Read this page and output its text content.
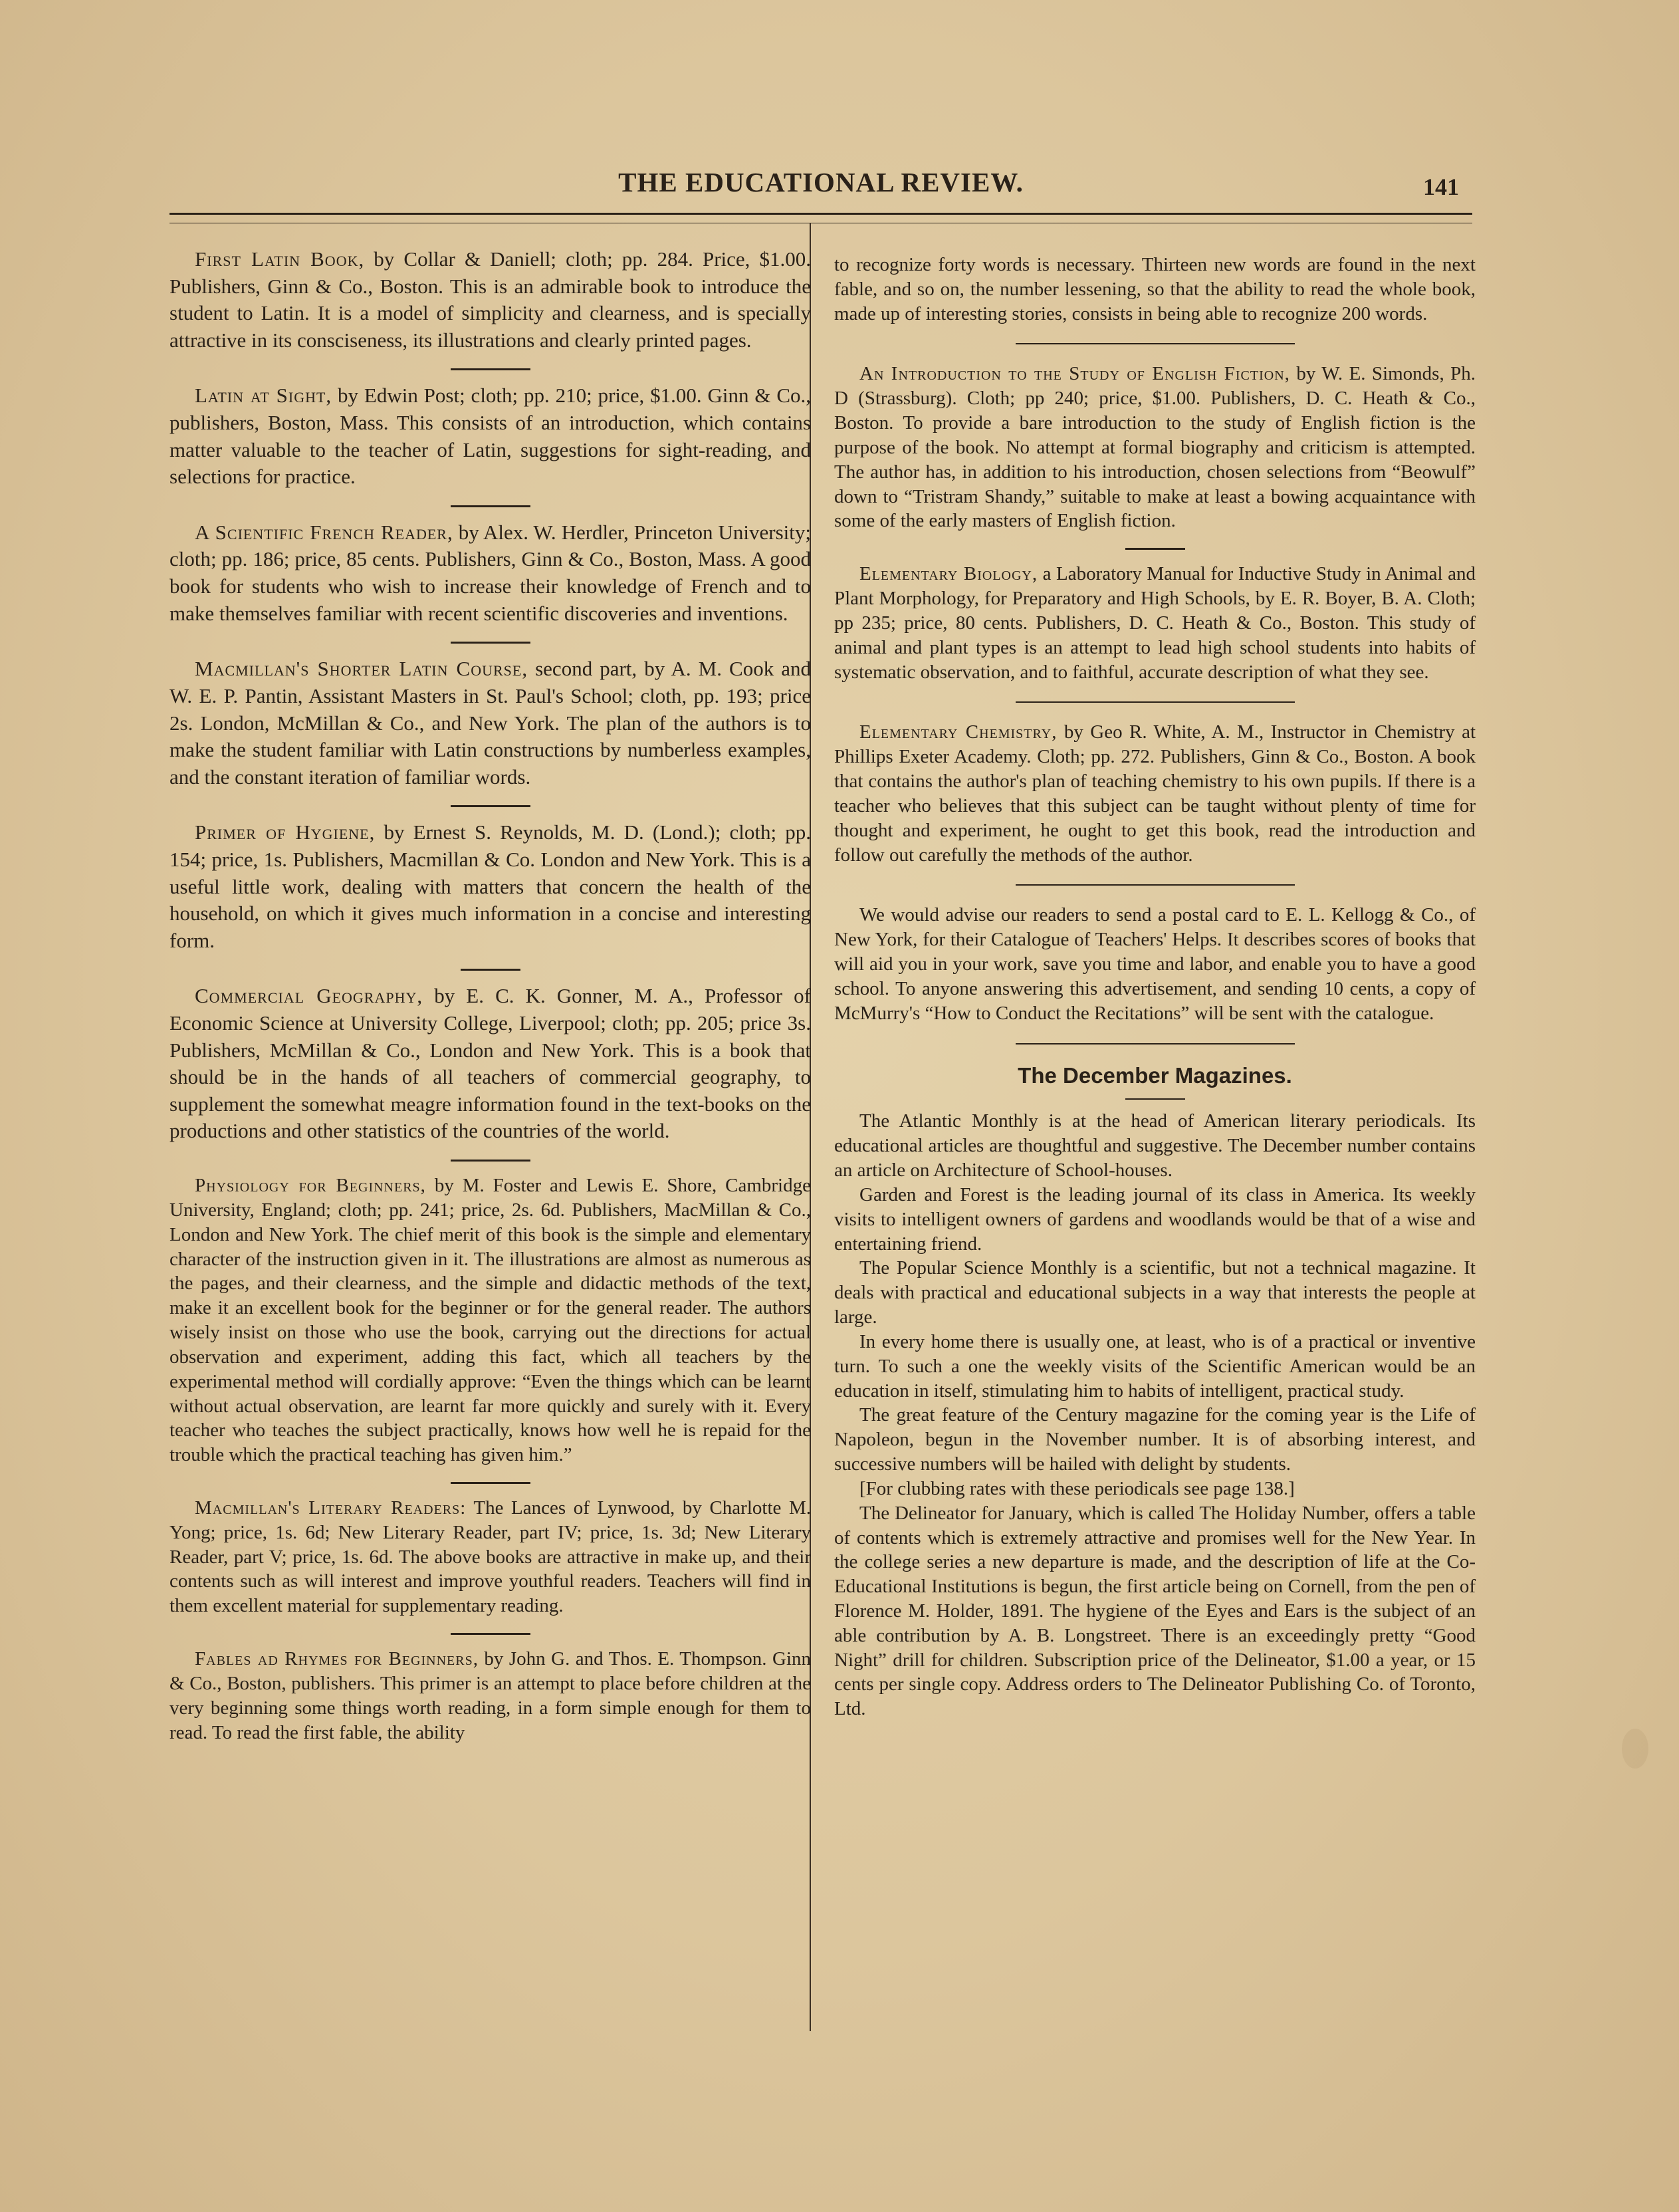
THE EDUCATIONAL REVIEW.	141

First Latin Book, by Collar & Daniell; cloth; pp. 284. Price, $1.00. Publishers, Ginn & Co., Boston. This is an admirable book to introduce the student to Latin. It is a model of simplicity and clearness, and is specially attractive in its consciseness, its illustrations and clearly printed pages.

Latin at Sight, by Edwin Post; cloth; pp. 210; price, $1.00. Ginn & Co., publishers, Boston, Mass. This consists of an introduction, which contains matter valuable to the teacher of Latin, suggestions for sight-reading, and selections for practice.

A Scientific French Reader, by Alex. W. Herdler, Princeton University; cloth; pp. 186; price, 85 cents. Publishers, Ginn & Co., Boston, Mass. A good book for students who wish to increase their knowledge of French and to make themselves familiar with recent scientific discoveries and inventions.

Macmillan's Shorter Latin Course, second part, by A. M. Cook and W. E. P. Pantin, Assistant Masters in St. Paul's School; cloth, pp. 193; price 2s. London, McMillan & Co., and New York. The plan of the authors is to make the student familiar with Latin constructions by numberless examples, and the constant iteration of familiar words.

Primer of Hygiene, by Ernest S. Reynolds, M. D. (Lond.); cloth; pp. 154; price, 1s. Publishers, Macmillan & Co. London and New York. This is a useful little work, dealing with matters that concern the health of the household, on which it gives much information in a concise and interesting form.

Commercial Geography, by E. C. K. Gonner, M. A., Professor of Economic Science at University College, Liverpool; cloth; pp. 205; price 3s. Publishers, McMillan & Co., London and New York. This is a book that should be in the hands of all teachers of commercial geography, to supplement the somewhat meagre information found in the text-books on the productions and other statistics of the countries of the world.

Physiology for Beginners, by M. Foster and Lewis E. Shore, Cambridge University, England; cloth; pp. 241; price, 2s. 6d. Publishers, MacMillan & Co., London and New York. The chief merit of this book is the simple and elementary character of the instruction given in it. The illustrations are almost as numerous as the pages, and their clearness, and the simple and didactic methods of the text, make it an excellent book for the beginner or for the general reader. The authors wisely insist on those who use the book, carrying out the directions for actual observation and experiment, adding this fact, which all teachers by the experimental method will cordially approve: “Even the things which can be learnt without actual observation, are learnt far more quickly and surely with it. Every teacher who teaches the subject practically, knows how well he is repaid for the trouble which the practical teaching has given him.”

Macmillan's Literary Readers: The Lances of Lynwood, by Charlotte M. Yong; price, 1s. 6d; New Literary Reader, part IV; price, 1s. 3d; New Literary Reader, part V; price, 1s. 6d. The above books are attractive in make up, and their contents such as will interest and improve youthful readers. Teachers will find in them excellent material for supplementary reading.

Fables ad Rhymes for Beginners, by John G. and Thos. E. Thompson. Ginn & Co., Boston, publishers. This primer is an attempt to place before children at the very beginning some things worth reading, in a form simple enough for them to read. To read the first fable, the ability

to recognize forty words is necessary. Thirteen new words are found in the next fable, and so on, the number lessening, so that the ability to read the whole book, made up of interesting stories, consists in being able to recognize 200 words.

An Introduction to the Study of English Fiction, by W. E. Simonds, Ph. D (Strassburg). Cloth; pp 240; price, $1.00. Publishers, D. C. Heath & Co., Boston. To provide a bare introduction to the study of English fiction is the purpose of the book. No attempt at formal biography and criticism is attempted. The author has, in addition to his introduction, chosen selections from “Beowulf” down to “Tristram Shandy,” suitable to make at least a bowing acquaintance with some of the early masters of English fiction.

Elementary Biology, a Laboratory Manual for Inductive Study in Animal and Plant Morphology, for Preparatory and High Schools, by E. R. Boyer, B. A. Cloth; pp 235; price, 80 cents. Publishers, D. C. Heath & Co., Boston. This study of animal and plant types is an attempt to lead high school students into habits of systematic observation, and to faithful, accurate description of what they see.

Elementary Chemistry, by Geo R. White, A. M., Instructor in Chemistry at Phillips Exeter Academy. Cloth; pp. 272. Publishers, Ginn & Co., Boston. A book that contains the author's plan of teaching chemistry to his own pupils. If there is a teacher who believes that this subject can be taught without plenty of time for thought and experiment, he ought to get this book, read the introduction and follow out carefully the methods of the author.

We would advise our readers to send a postal card to E. L. Kellogg & Co., of New York, for their Catalogue of Teachers' Helps. It describes scores of books that will aid you in your work, save you time and labor, and enable you to have a good school. To anyone answering this advertisement, and sending 10 cents, a copy of McMurry's “How to Conduct the Recitations” will be sent with the catalogue.

The December Magazines.

The Atlantic Monthly is at the head of American literary periodicals. Its educational articles are thoughtful and suggestive. The December number contains an article on Architecture of School-houses.

Garden and Forest is the leading journal of its class in America. Its weekly visits to intelligent owners of gardens and woodlands would be that of a wise and entertaining friend.

The Popular Science Monthly is a scientific, but not a technical magazine. It deals with practical and educational subjects in a way that interests the people at large.

In every home there is usually one, at least, who is of a practical or inventive turn. To such a one the weekly visits of the Scientific American would be an education in itself, stimulating him to habits of intelligent, practical study.

The great feature of the Century magazine for the coming year is the Life of Napoleon, begun in the November number. It is of absorbing interest, and successive numbers will be hailed with delight by students.

[For clubbing rates with these periodicals see page 138.]

The Delineator for January, which is called The Holiday Number, offers a table of contents which is extremely attractive and promises well for the New Year. In the college series a new departure is made, and the description of life at the Co-Educational Institutions is begun, the first article being on Cornell, from the pen of Florence M. Holder, 1891. The hygiene of the Eyes and Ears is the subject of an able contribution by A. B. Longstreet. There is an exceedingly pretty “Good Night” drill for children. Subscription price of the Delineator, $1.00 a year, or 15 cents per single copy. Address orders to The Delineator Publishing Co. of Toronto, Ltd.
